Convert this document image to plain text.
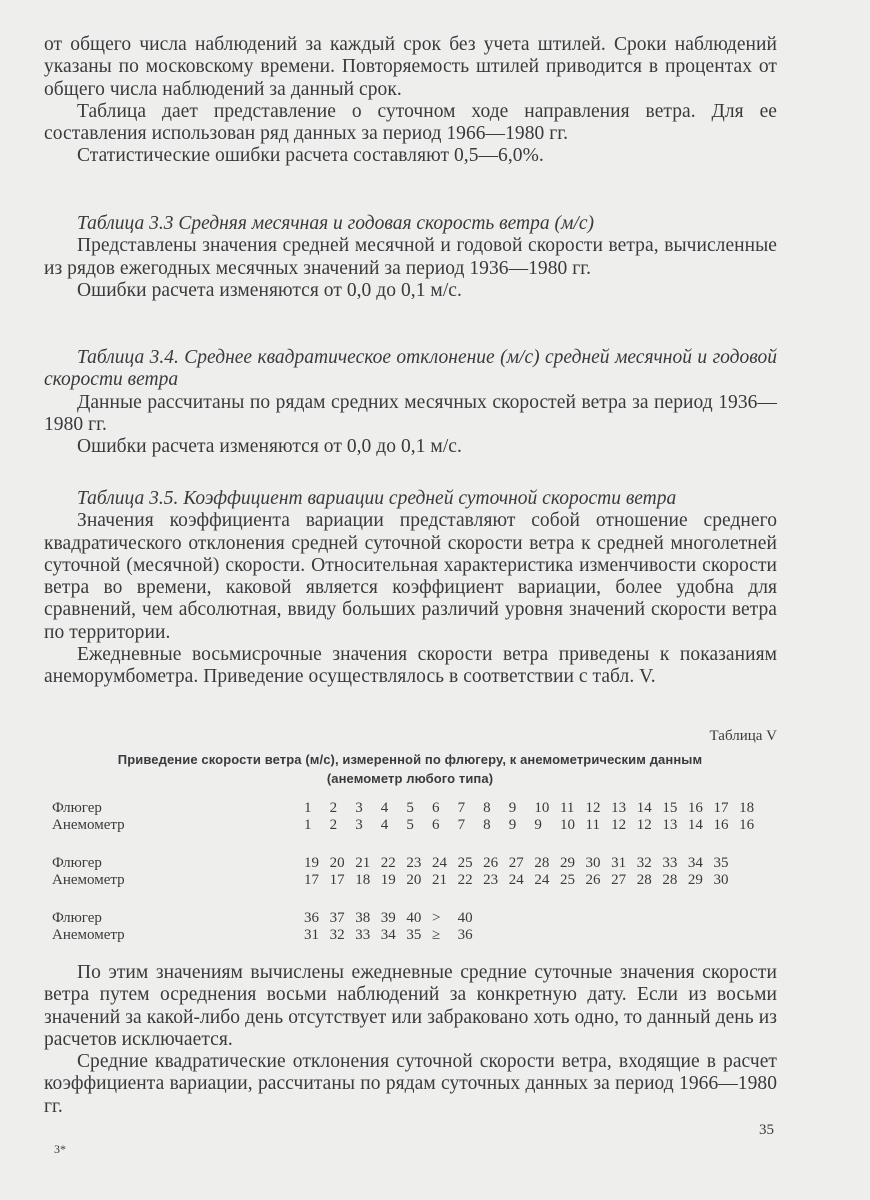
от общего числа наблюдений за каждый срок без учета штилей. Сроки наблюдений указаны по московскому времени. Повторяемость штилей приводится в процентах от общего числа наблюдений за данный срок.

Таблица дает представление о суточном ходе направления ветра. Для ее составления использован ряд данных за период 1966—1980 гг.

Статистические ошибки расчета составляют 0,5—6,0%.

Таблица 3.3 Средняя месячная и годовая скорость ветра (м/с)

Представлены значения средней месячной и годовой скорости ветра, вычисленные из рядов ежегодных месячных значений за период 1936—1980 гг.

Ошибки расчета изменяются от 0,0 до 0,1 м/с.

Таблица 3.4. Среднее квадратическое отклонение (м/с) средней месячной и годовой скорости ветра

Данные рассчитаны по рядам средних месячных скоростей ветра за период 1936—1980 гг.

Ошибки расчета изменяются от 0,0 до 0,1 м/с.

Таблица 3.5. Коэффициент вариации средней суточной скорости ветра

Значения коэффициента вариации представляют собой отношение среднего квадратического отклонения средней суточной скорости ветра к средней многолетней суточной (месячной) скорости. Относительная характеристика изменчивости скорости ветра во времени, каковой является коэффициент вариации, более удобна для сравнений, чем абсолютная, ввиду больших различий уровня значений скорости ветра по территории.

Ежедневные восьмисрочные значения скорости ветра приведены к показаниям анеморумбометра. Приведение осуществлялось в соответствии с табл. V.

Таблица V
Приведение скорости ветра (м/с), измеренной по флюгеру, к анемометрическим данным
(анемометр любого типа)
Флюгер	1	2	3	4	5	6	7	8	9	10 11 12 13 14 15 16 17 18
Анемометр	1	2	3	4	5	6	7	8	9	9	10 11 12 12 13 14 16 16
Флюгер	19 20 21 22 23 24 25 26 27 28 29 30 31 32 33 34 35
Анемометр	17 17 18 19 20 21 22 23 24 24 25 26 27 28 28 29 30
Флюгер	36 37 38 39 40 >	40
Анемометр	31 32 33 34 35 ≥	36

По этим значениям вычислены ежедневные средние суточные значения скорости ветра путем осреднения восьми наблюдений за конкретную дату. Если из восьми значений за какой-либо день отсутствует или забраковано хоть одно, то данный день из расчетов исключается.

Средние квадратические отклонения суточной скорости ветра, входящие в расчет коэффициента вариации, рассчитаны по рядам суточных данных за период 1966—1980 гг.

35
3*
